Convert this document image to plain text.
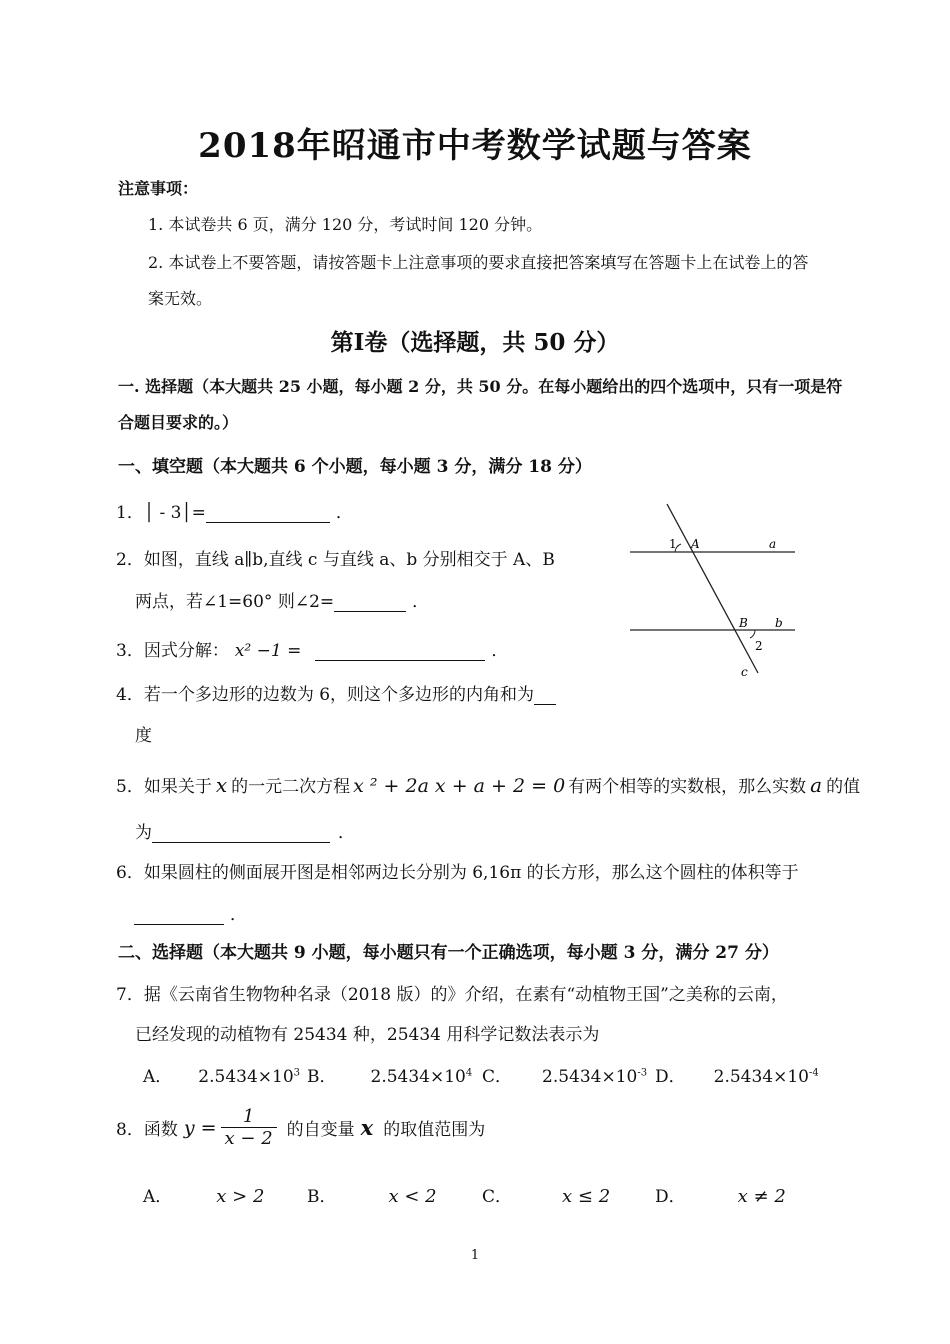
2018年昭通市中考数学试题与答案
注意事项：
1. 本试卷共 6 页，满分 120 分，考试时间 120 分钟。
2. 本试卷上不要答题，请按答题卡上注意事项的要求直接把答案填写在答题卡上在试卷上的答
案无效。
第Ⅰ卷（选择题，共 50 分）
一. 选择题（本大题共 25 小题，每小题 2 分，共 50 分。在每小题给出的四个选项中，只有一项是符
合题目要求的。）
一、填空题（本大题共 6 个小题，每小题 3 分，满分 18 分）
1．│ - 3│=	．
2．如图，直线 a∥b,直线 c 与直线 a、b 分别相交于 A、B
两点，若∠1=60° 则∠2=	．
1 A	a
B b
2
c
3．因式分解： x² −1 =	．
4．若一个多边形的边数为 6，则这个多边形的内角和为
度
5．如果关于 x 的一元二次方程 x ² + 2a x + a + 2 = 0 有两个相等的实数根，那么实数 a 的值
为	．
6．如果圆柱的侧面展开图是相邻两边长分别为 6,16π 的长方形，那么这个圆柱的体积等于
．
二、选择题（本大题共 9 小题，每小题只有一个正确选项，每小题 3 分，满分 27 分）
7．据《云南省生物物种名录（2018 版）的》介绍，在素有“动植物王国”之美称的云南，
已经发现的动植物有 25434 种，25434 用科学记数法表示为
A． $2.5434\times 10^3$ B． $2.5434\times 10^4$ C． $2.5434\times 10^{-3}$ D． $2.5434\times 10^{-4}$
8．函数 $y = \frac{1}{x - 2}$ 的自变量 x 的取值范围为
A． x > 2	B．	x < 2	C．	x ≤ 2	D．	x ≠ 2
1
